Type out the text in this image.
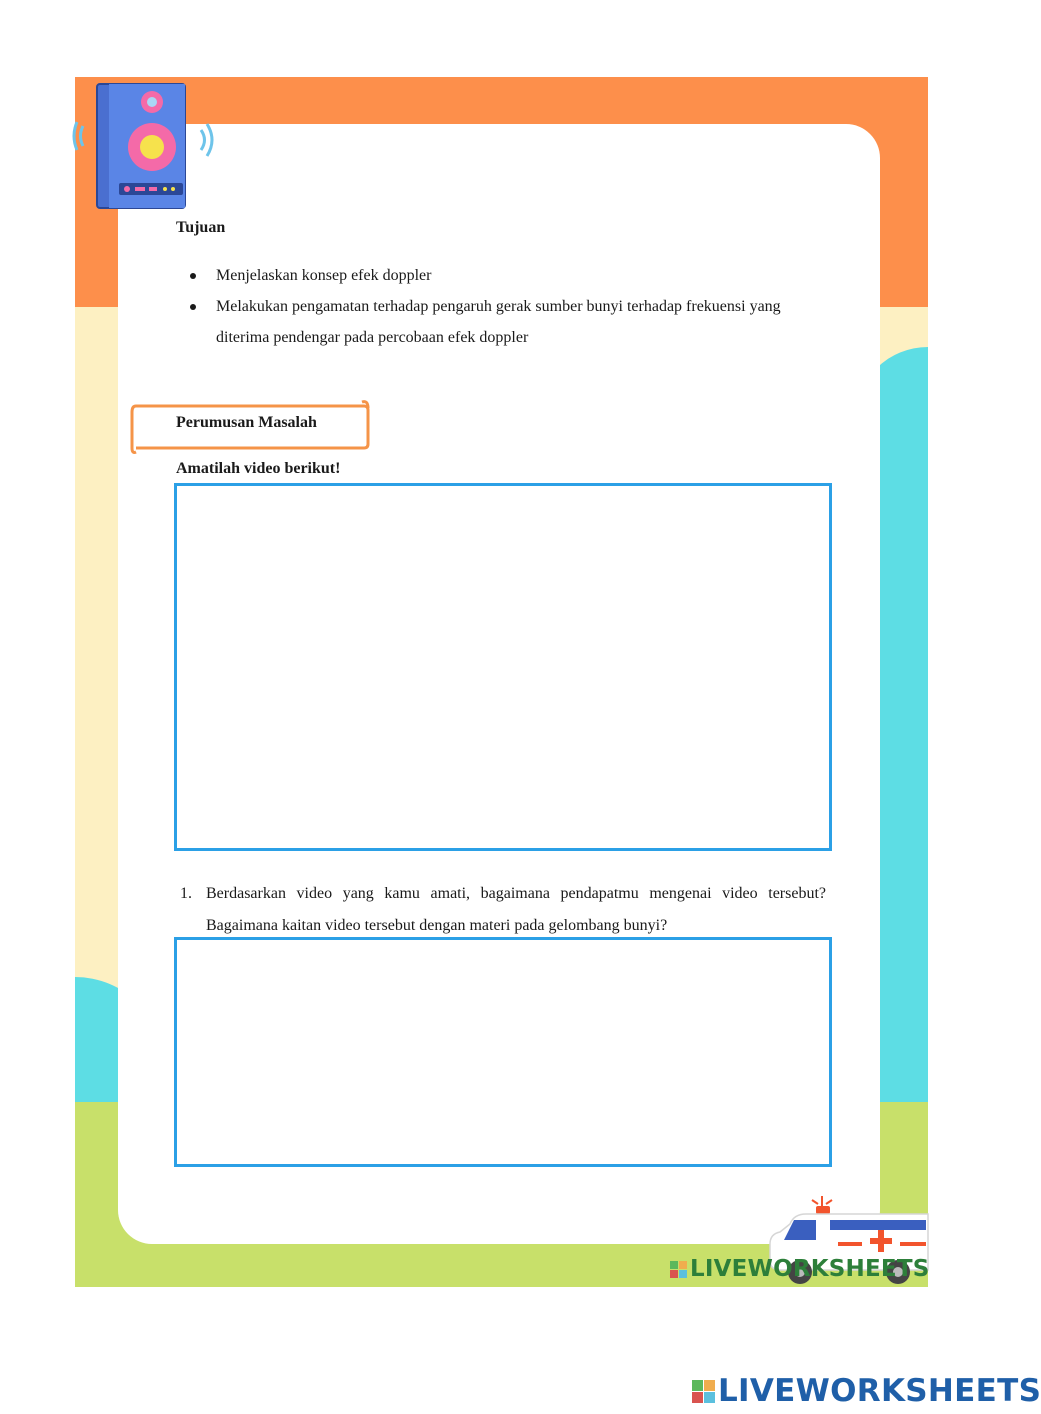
Tujuan
Menjelaskan konsep efek doppler
Melakukan pengamatan terhadap pengaruh gerak sumber bunyi terhadap frekuensi yang diterima pendengar pada percobaan efek doppler
Perumusan Masalah
Amatilah video berikut!
1. Berdasarkan video yang kamu amati, bagaimana pendapatmu mengenai video tersebut? Bagaimana kaitan video tersebut dengan materi pada gelombang bunyi?
LIVEWORKSHEETS
LIVEWORKSHEETS
